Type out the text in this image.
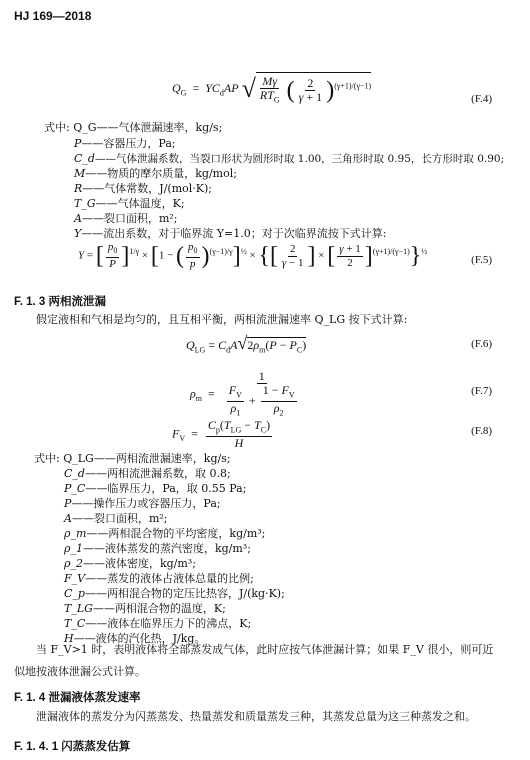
HJ 169—2018
$Q_G = YC_dAP$ √ $\frac{M\gamma}{RT_G}$ ( $\frac{2}{\gamma + 1} )^{(\gamma+1)/(\gamma-1)}$
(F.4)
式中: Q_G——气体泄漏速率，kg/s;
P——容器压力，Pa;
C_d——气体泄漏系数，当裂口形状为圆形时取 1.00，三角形时取 0.95，长方形时取 0.90;
M——物质的摩尔质量，kg/mol;
R——气体常数，J/(mol·K);
T_G——气体温度，K;
A——裂口面积，m²;
Y——流出系数，对于临界流 Y=1.0；对于次临界流按下式计算:
Y = [ $\frac{p_0}{P} ]^{1/\gamma} \times [1$ − ( $\frac{p_0}{p} )^{(\gamma-1)/\gamma}]^{\frac{1}{2}}$ × {[ $\frac{2}{\gamma - 1}$ ] × [ $\frac{\gamma + 1}{2} ]^{(\gamma+1)/(\gamma-1)}\}^{\frac{1}{2}}$
(F.5)
F. 1. 3 两相流泄漏
假定液相和气相是均匀的，且互相平衡，两相流泄漏速率 Q_LG 按下式计算:
$Q_{LG} = C_dA√2\rho_m(P - P_C)$	(F.6)
$\rho_m = \frac{1}{\frac{F_V}{\rho_1} + \frac{1 - F_V}{\rho_2}}$	(F.7)
$F_V = \frac{C_p(T_{LG} - T_C)}{H}$	(F.8)
式中: Q_LG——两相流泄漏速率，kg/s;
C_d——两相流泄漏系数，取 0.8;
P_C——临界压力，Pa，取 0.55 Pa;
P——操作压力或容器压力，Pa;
A——裂口面积，m²;
ρ_m——两相混合物的平均密度，kg/m³;
ρ_1——液体蒸发的蒸汽密度，kg/m³;
ρ_2——液体密度，kg/m³;
F_V——蒸发的液体占液体总量的比例;
C_p——两相混合物的定压比热容，J/(kg·K);
T_LG——两相混合物的温度，K;
T_C——液体在临界压力下的沸点，K;
H——液体的汽化热，J/kg。
当 F_V>1 时，表明液体将全部蒸发成气体，此时应按气体泄漏计算；如果 F_V 很小，则可近
似地按液体泄漏公式计算。
F. 1. 4 泄漏液体蒸发速率
泄漏液体的蒸发分为闪蒸蒸发、热量蒸发和质量蒸发三种，其蒸发总量为这三种蒸发之和。
F. 1. 4. 1 闪蒸蒸发估算
